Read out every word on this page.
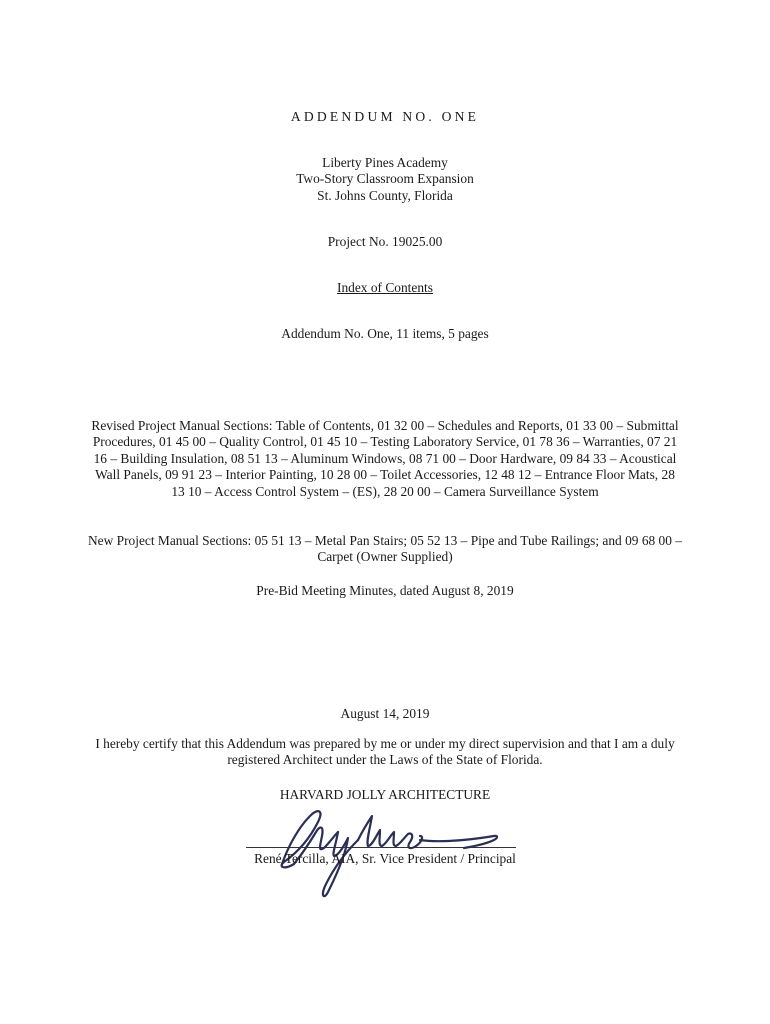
ADDENDUM NO. ONE
Liberty Pines Academy
Two-Story Classroom Expansion
St. Johns County, Florida
Project No. 19025.00
Index of Contents
Addendum No. One, 11 items, 5 pages
Revised Project Manual Sections: Table of Contents, 01 32 00 – Schedules and Reports, 01 33 00 – Submittal Procedures, 01 45 00 – Quality Control, 01 45 10 – Testing Laboratory Service, 01 78 36 – Warranties, 07 21 16 – Building Insulation, 08 51 13 – Aluminum Windows, 08 71 00 – Door Hardware, 09 84 33 – Acoustical Wall Panels, 09 91 23 – Interior Painting, 10 28 00 – Toilet Accessories, 12 48 12 – Entrance Floor Mats, 28 13 10 – Access Control System – (ES), 28 20 00 – Camera Surveillance System
New Project Manual Sections: 05 51 13 – Metal Pan Stairs; 05 52 13 – Pipe and Tube Railings; and 09 68 00 – Carpet (Owner Supplied)
Pre-Bid Meeting Minutes, dated August 8, 2019
August 14, 2019
I hereby certify that this Addendum was prepared by me or under my direct supervision and that I am a duly registered Architect under the Laws of the State of Florida.
HARVARD JOLLY ARCHITECTURE
René Tercilla, AIA, Sr. Vice President / Principal
